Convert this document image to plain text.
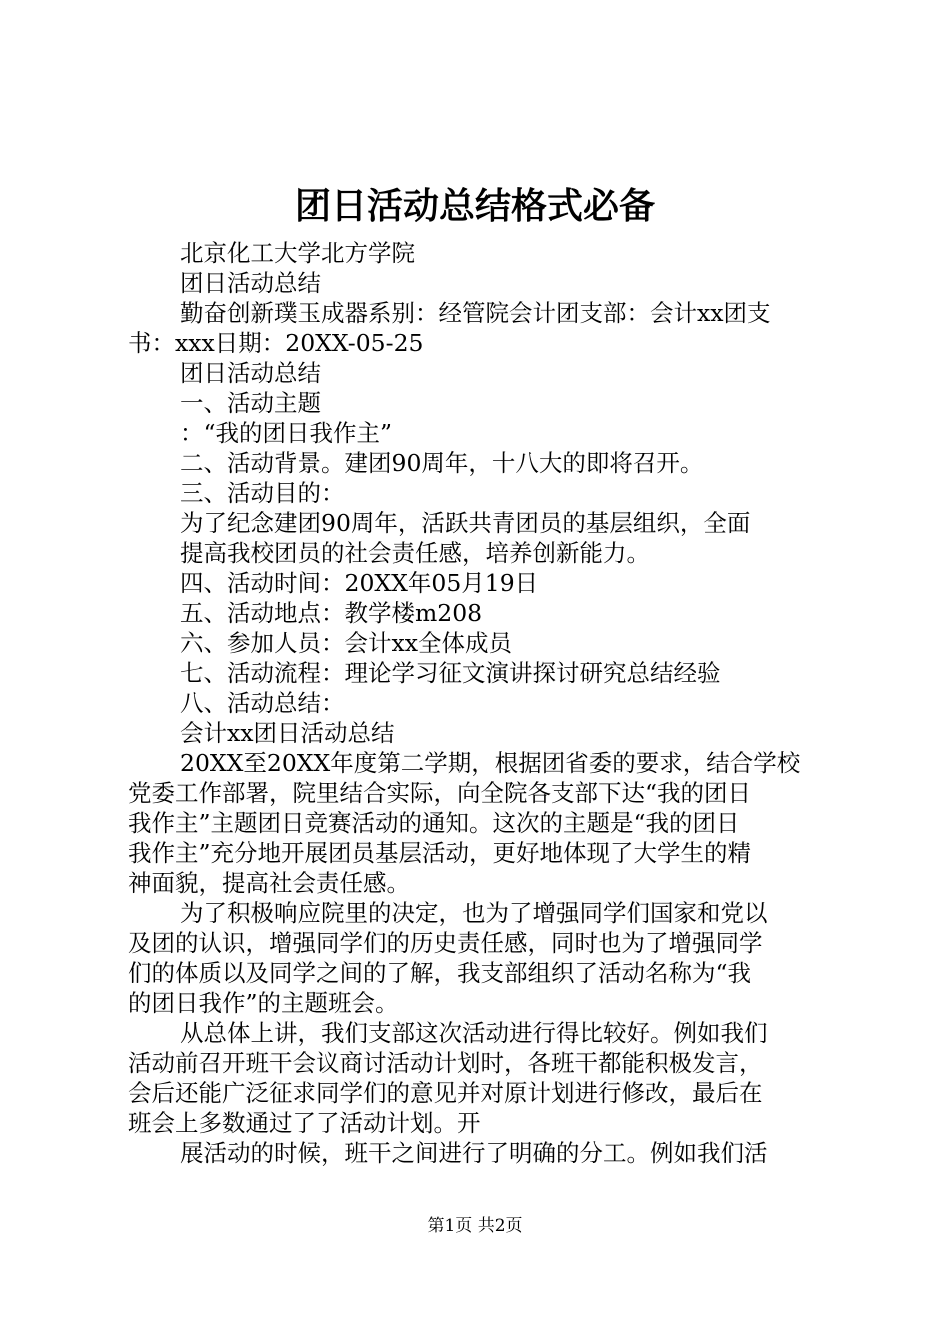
团日活动总结格式必备

北京化工大学北方学院

团日活动总结

勤奋创新璞玉成器系别：经管院会计团支部：会计xx团支

书：xxx日期：20XX-05-25

团日活动总结

一、活动主题

：“我的团日我作主”

二、活动背景。建团90周年，十八大的即将召开。

三、活动目的：

为了纪念建团90周年，活跃共青团员的基层组织，全面

提高我校团员的社会责任感，培养创新能力。

四、活动时间：20XX年05月19日

五、活动地点：教学楼m208

六、参加人员：会计xx全体成员

七、活动流程：理论学习征文演讲探讨研究总结经验

八、活动总结：

会计xx团日活动总结

20XX至20XX年度第二学期，根据团省委的要求，结合学校

党委工作部署，院里结合实际，向全院各支部下达“我的团日

我作主”主题团日竞赛活动的通知。这次的主题是“我的团日

我作主”充分地开展团员基层活动，更好地体现了大学生的精

神面貌，提高社会责任感。

为了积极响应院里的决定，也为了增强同学们国家和党以

及团的认识，增强同学们的历史责任感，同时也为了增强同学

们的体质以及同学之间的了解，我支部组织了活动名称为“我

的团日我作”的主题班会。

从总体上讲，我们支部这次活动进行得比较好。例如我们

活动前召开班干会议商讨活动计划时，各班干都能积极发言，

会后还能广泛征求同学们的意见并对原计划进行修改，最后在

班会上多数通过了了活动计划。开

展活动的时候，班干之间进行了明确的分工。例如我们活

第1页 共2页
